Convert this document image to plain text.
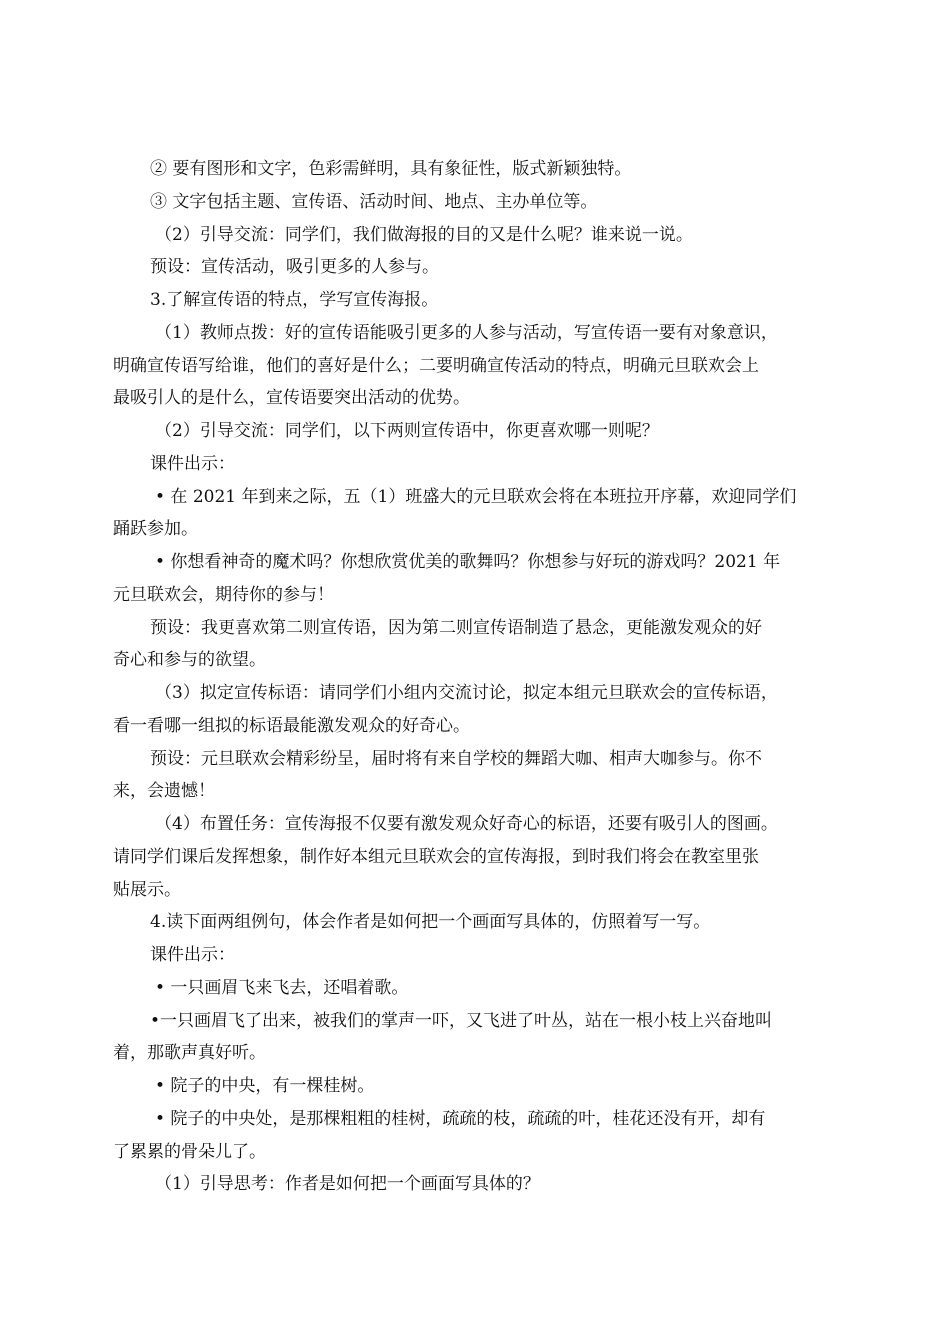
② 要有图形和文字，色彩需鲜明，具有象征性，版式新颖独特。
③ 文字包括主题、宣传语、活动时间、地点、主办单位等。
（2）引导交流：同学们，我们做海报的目的又是什么呢？谁来说一说。
预设：宣传活动，吸引更多的人参与。
3.了解宣传语的特点，学写宣传海报。
（1）教师点拨：好的宣传语能吸引更多的人参与活动，写宣传语一要有对象意识，
明确宣传语写给谁，他们的喜好是什么；二要明确宣传活动的特点，明确元旦联欢会上
最吸引人的是什么，宣传语要突出活动的优势。
（2）引导交流：同学们，以下两则宣传语中，你更喜欢哪一则呢？
课件出示：
• 在 2021 年到来之际，五（1）班盛大的元旦联欢会将在本班拉开序幕，欢迎同学们
踊跃参加。
• 你想看神奇的魔术吗？你想欣赏优美的歌舞吗？你想参与好玩的游戏吗？2021 年
元旦联欢会，期待你的参与！
预设：我更喜欢第二则宣传语，因为第二则宣传语制造了悬念，更能激发观众的好
奇心和参与的欲望。
（3）拟定宣传标语：请同学们小组内交流讨论，拟定本组元旦联欢会的宣传标语，
看一看哪一组拟的标语最能激发观众的好奇心。
预设：元旦联欢会精彩纷呈，届时将有来自学校的舞蹈大咖、相声大咖参与。你不
来，会遗憾！
（4）布置任务：宣传海报不仅要有激发观众好奇心的标语，还要有吸引人的图画。
请同学们课后发挥想象，制作好本组元旦联欢会的宣传海报，到时我们将会在教室里张
贴展示。
4.读下面两组例句，体会作者是如何把一个画面写具体的，仿照着写一写。
课件出示：
• 一只画眉飞来飞去，还唱着歌。
•一只画眉飞了出来，被我们的掌声一吓，又飞进了叶丛，站在一根小枝上兴奋地叫
着，那歌声真好听。
• 院子的中央，有一棵桂树。
• 院子的中央处，是那棵粗粗的桂树，疏疏的枝，疏疏的叶，桂花还没有开，却有
了累累的骨朵儿了。
（1）引导思考：作者是如何把一个画面写具体的？
